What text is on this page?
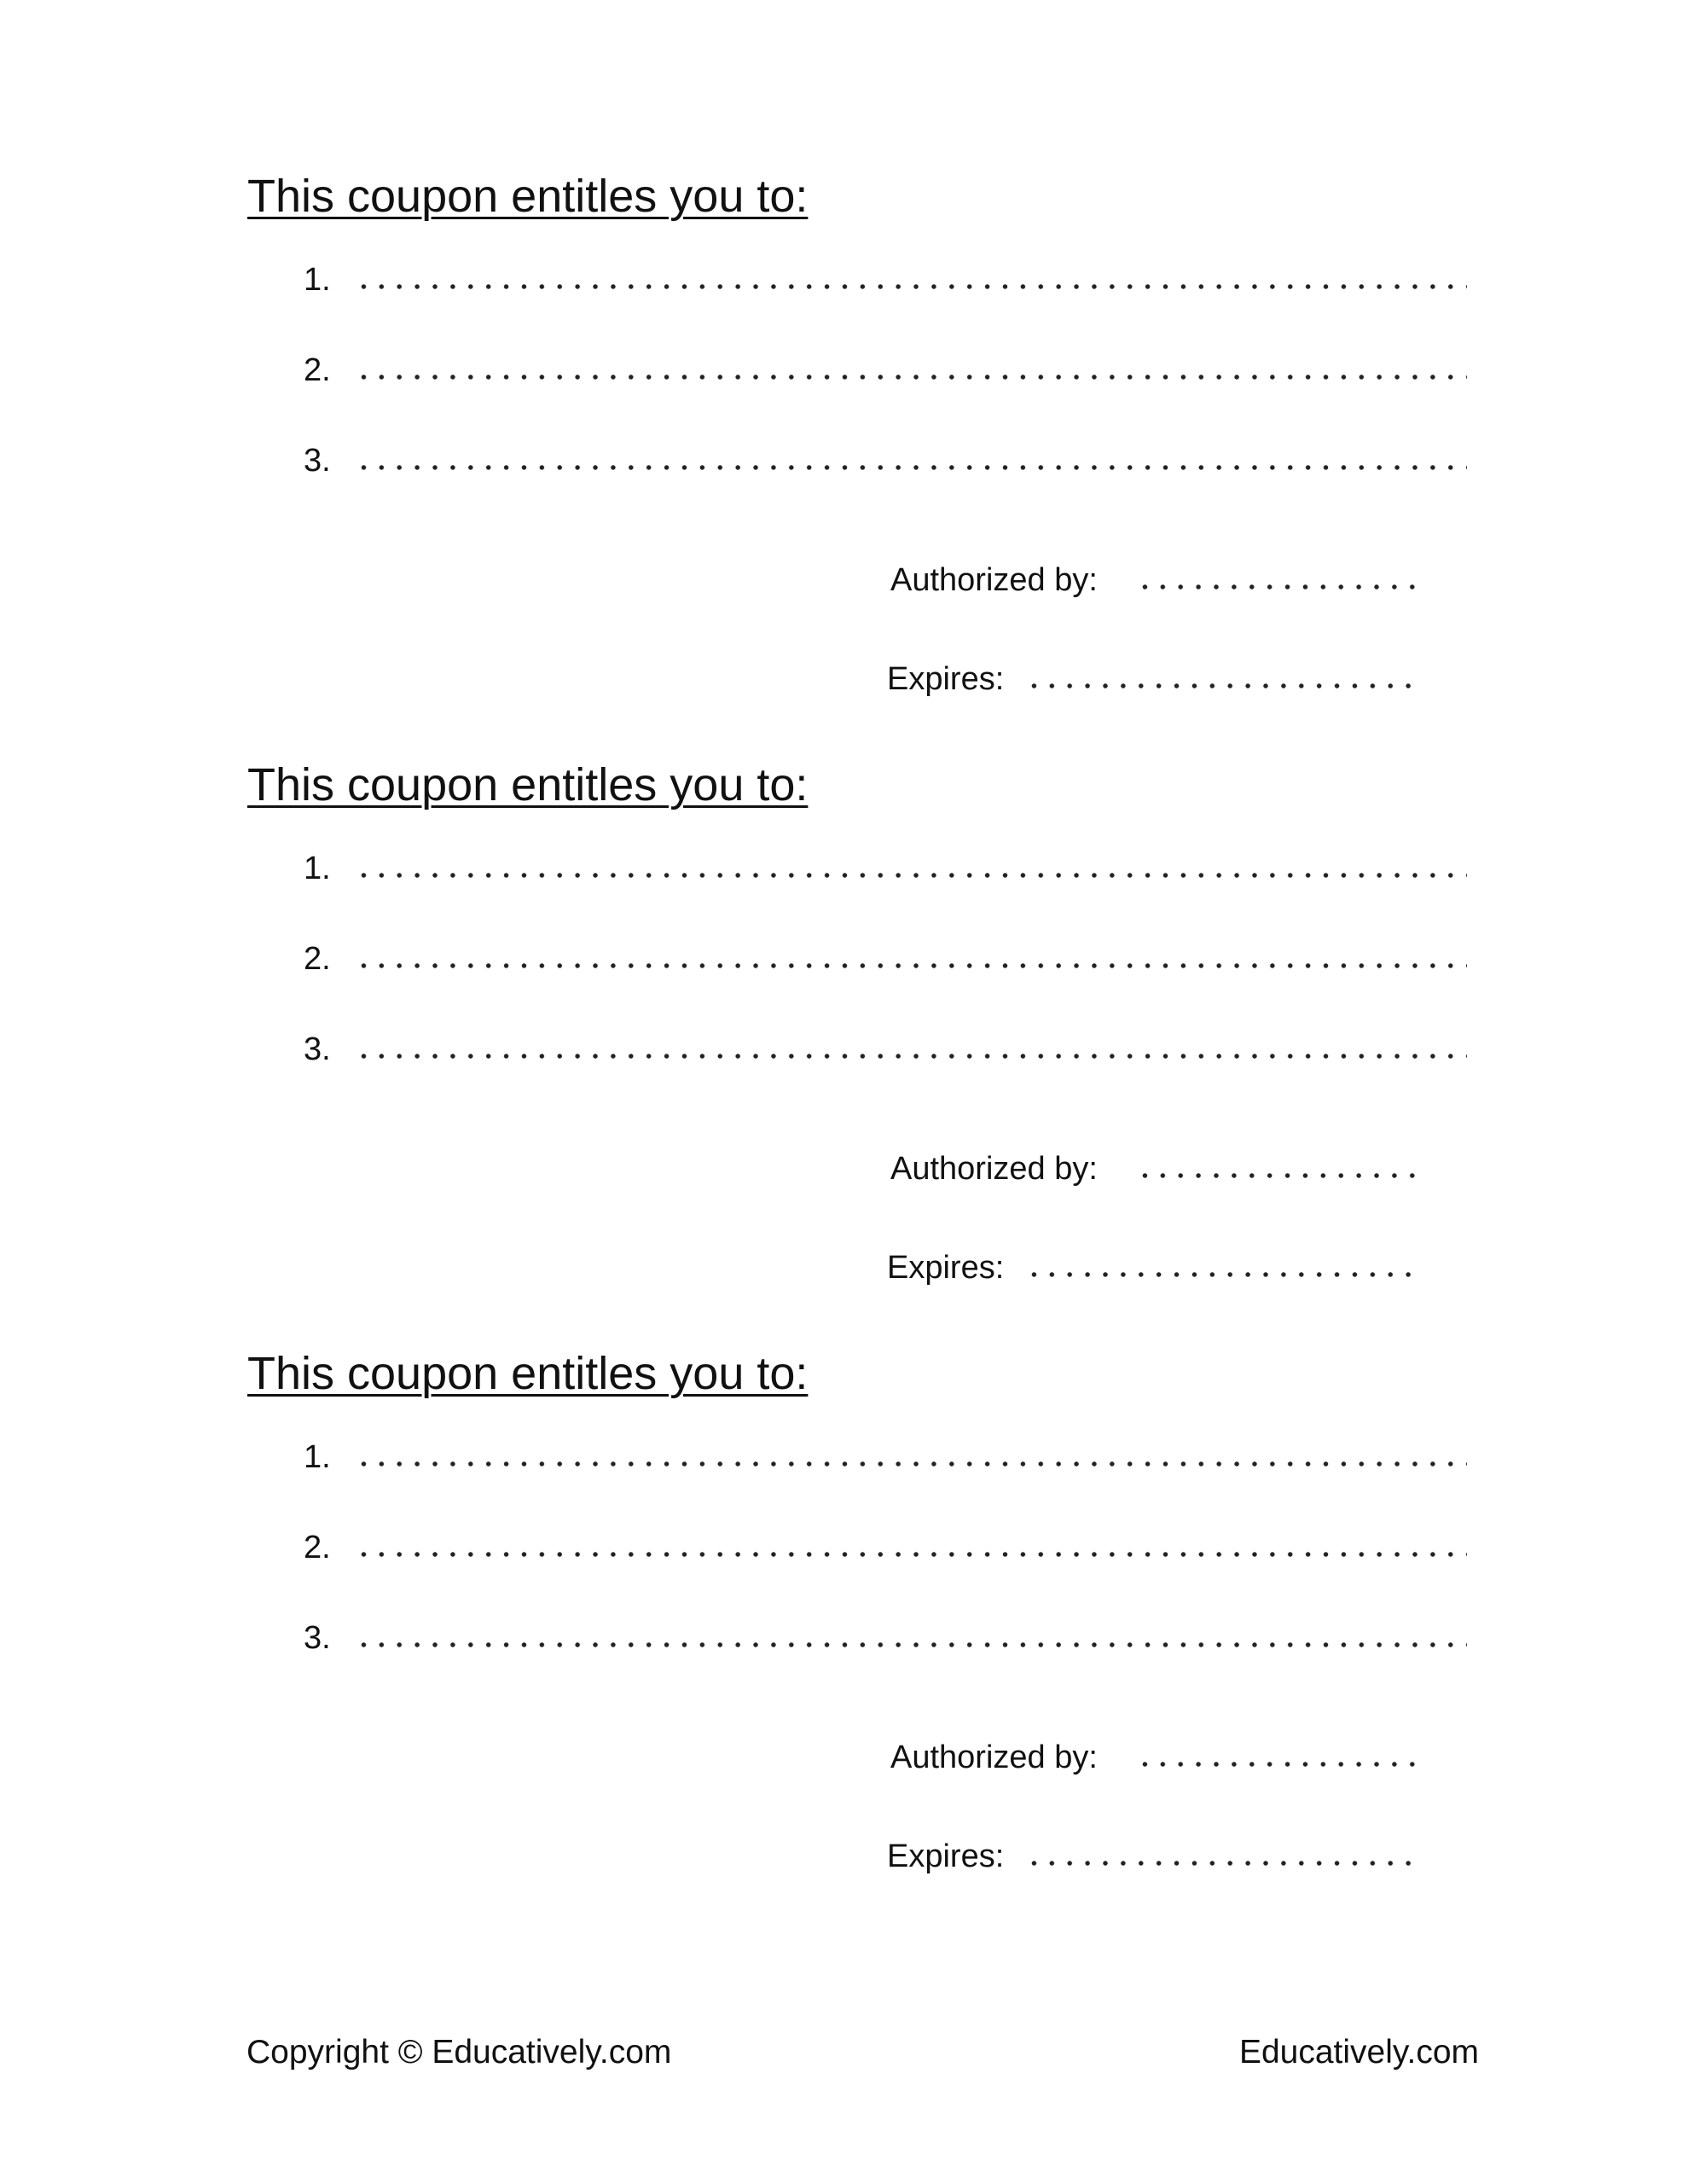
This coupon entitles you to:
1.
2.
3.
Authorized by:
Expires:
This coupon entitles you to:
1.
2.
3.
Authorized by:
Expires:
This coupon entitles you to:
1.
2.
3.
Authorized by:
Expires:
Copyright © Educatively.com	Educatively.com
